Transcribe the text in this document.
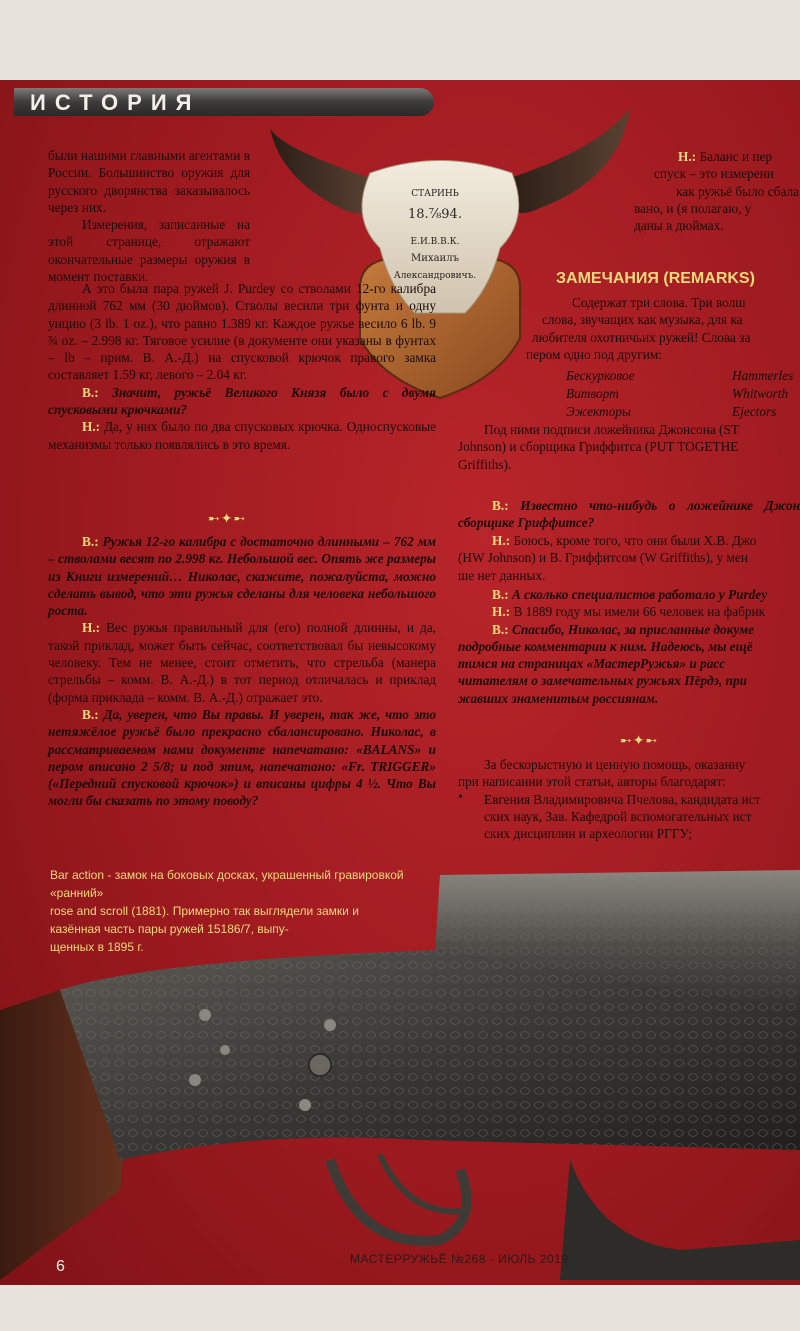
ИСТОРИЯ
СТАРИНЬ
18.⅞94.
Е.И.В.В.К.
Михаилъ
Александровичъ.

были нашими главными агентами в России. Большинство оружия для русского дворянства заказывалось через них.

Измерения, записанные на этой странице, отражают окончательные размеры оружия в момент поставки.

А это была пара ружей J. Purdey со стволами 12-го калибра длинной 762 мм (30 дюймов). Стволы весили три фунта и одну унцию (3 lb. 1 oz.), что равно 1.389 кг. Каждое ружье весило 6 lb. 9 ¾ oz. – 2.998 кг. Тяговое усилие (в документе они указаны в фунтах – lb – прим. В. А.-Д.) на спусковой крючок правого замка составляет 1.59 кг, левого – 2.04 кг.

В.: Значит, ружьё Великого Князя было с двумя спусковыми крючками?

Н.: Да, у них было по два спусковых крючка. Односпусковые механизмы только появлялись в это время.

➸✦➸

В.: Ружья 12-го калибра с достаточно длинными – 762 мм – стволами весят по 2.998 кг. Небольшой вес. Опять же размеры из Книги измерений… Николас, скажите, пожалуйста, можно сделать вывод, что эти ружья сделаны для человека небольшого роста.

Н.: Вес ружья правильный для (его) полной длинны, и да, такой приклад, может быть сейчас, соответствовал бы невысокому человеку. Тем не менее, стоит отметить, что стрельба (манера стрельбы – комм. В. А.-Д.) в тот период отличалась и приклад (форма приклада – комм. В. А.-Д.) отражает это.

В.: Да, уверен, что Вы правы. И уверен, так же, что это нетяжёлое ружьё было прекрасно сбалансировано. Николас, в рассматриваемом нами документе напечатано: «BALANS» и пером вписано 2 5/8; и под этим, напечатано: «Fr. TRIGGER» («Передний спусковой крючок») и вписаны цифры 4 ½. Что Вы могли бы сказать по этому поводу?

Н.: Баланс и пер

спуск – это измерени

как ружьё было сбала

вано, и (я полагаю, у

даны в дюймах.

ЗАМЕЧАНИЯ (REMARKS)

Содержат три слова. Три волш

слова, звучащих как музыка, для ка

любителя охотничьих ружей! Слова за

пером одно под другим:

Бескурковое	Hammerles
Витворт	Whitworth
Эжекторы	Ejectors

Под ними подписи ложейника Джонсона (ST

Johnson) и сборщика Гриффитса (PUT TOGETHE

Griffiths).

В.: Известно что-нибудь о ложейнике Джон сборщике Гриффитсе?

Н.: Боюсь, кроме того, что они были Х.В. Джо

(HW Johnson) и В. Гриффитсом (W Griffiths), у мен

ше нет данных.

В.: А сколько специалистов работало у Purdey

Н.: В 1889 году мы имели 66 человек на фабрик

В.: Спасибо, Николас, за присланные докуме

подробные комментарии к ним. Надеюсь, мы ещё

тимся на страницах «МастерРужья» и расс

читателям о замечательных ружьях Пёрдэ, при

жавших знаменитым россиянам.

➸✦➸

За бескорыстную и ценную помощь, оказанну

при написании этой статьи, авторы благодарят:

Евгения Владимировича Пчелова, кандидата ист

ских наук, Зав. Кафедрой вспомогательных ист

ских дисциплин и археологии РГГУ;

•
Bar action - замок на боковых досках, украшенный гравировкой «ранний»
rose and scroll (1881). Примерно так выглядели замки и
казённая часть пары ружей 15186/7, выпу-
щенных в 1895 г.
МАСТЕРРУЖЬЁ №268 · ИЮЛЬ 2019
6
